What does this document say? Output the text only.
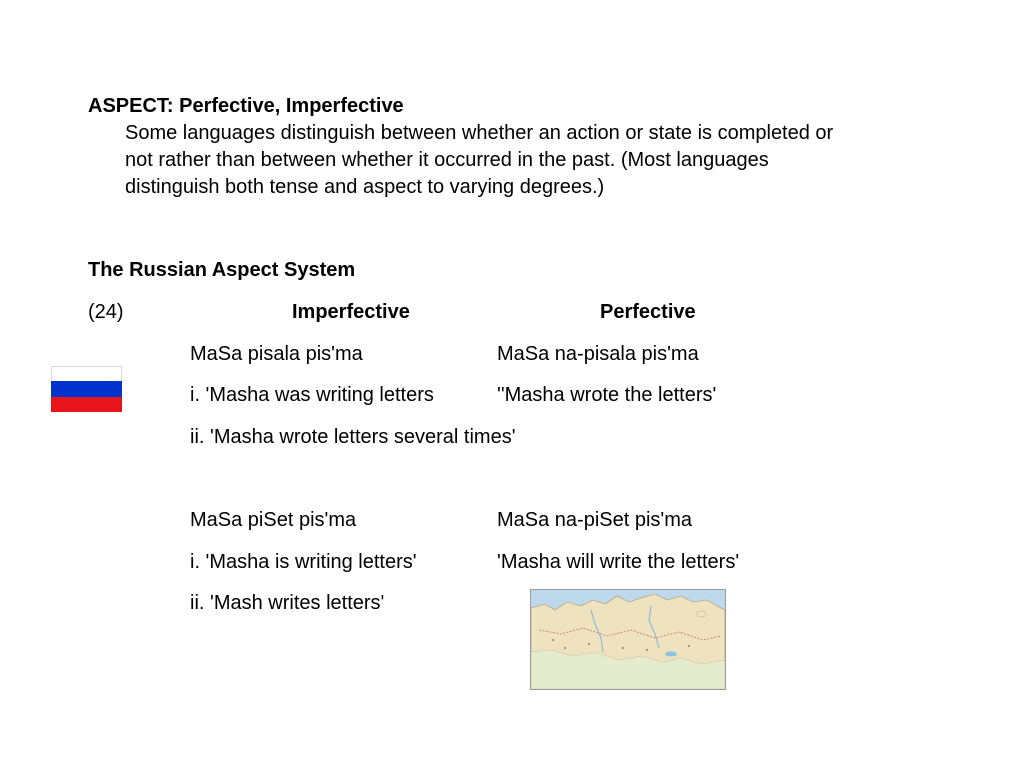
ASPECT: Perfective, Imperfective
Some languages distinguish between whether an action or state is completed or
not rather than between whether it occurred in the past. (Most languages
distinguish both tense and aspect to varying degrees.)
The Russian Aspect System
(24)	Imperfective	Perfective
MaSa pisala pis'ma	MaSa na-pisala pis'ma
i. 'Masha was writing letters	''Masha wrote the letters'
ii. 'Masha wrote letters several times'
MaSa piSet pis'ma	MaSa na-piSet pis'ma
i. 'Masha is writing letters'	'Masha will write the letters'
ii. 'Mash writes letters'
